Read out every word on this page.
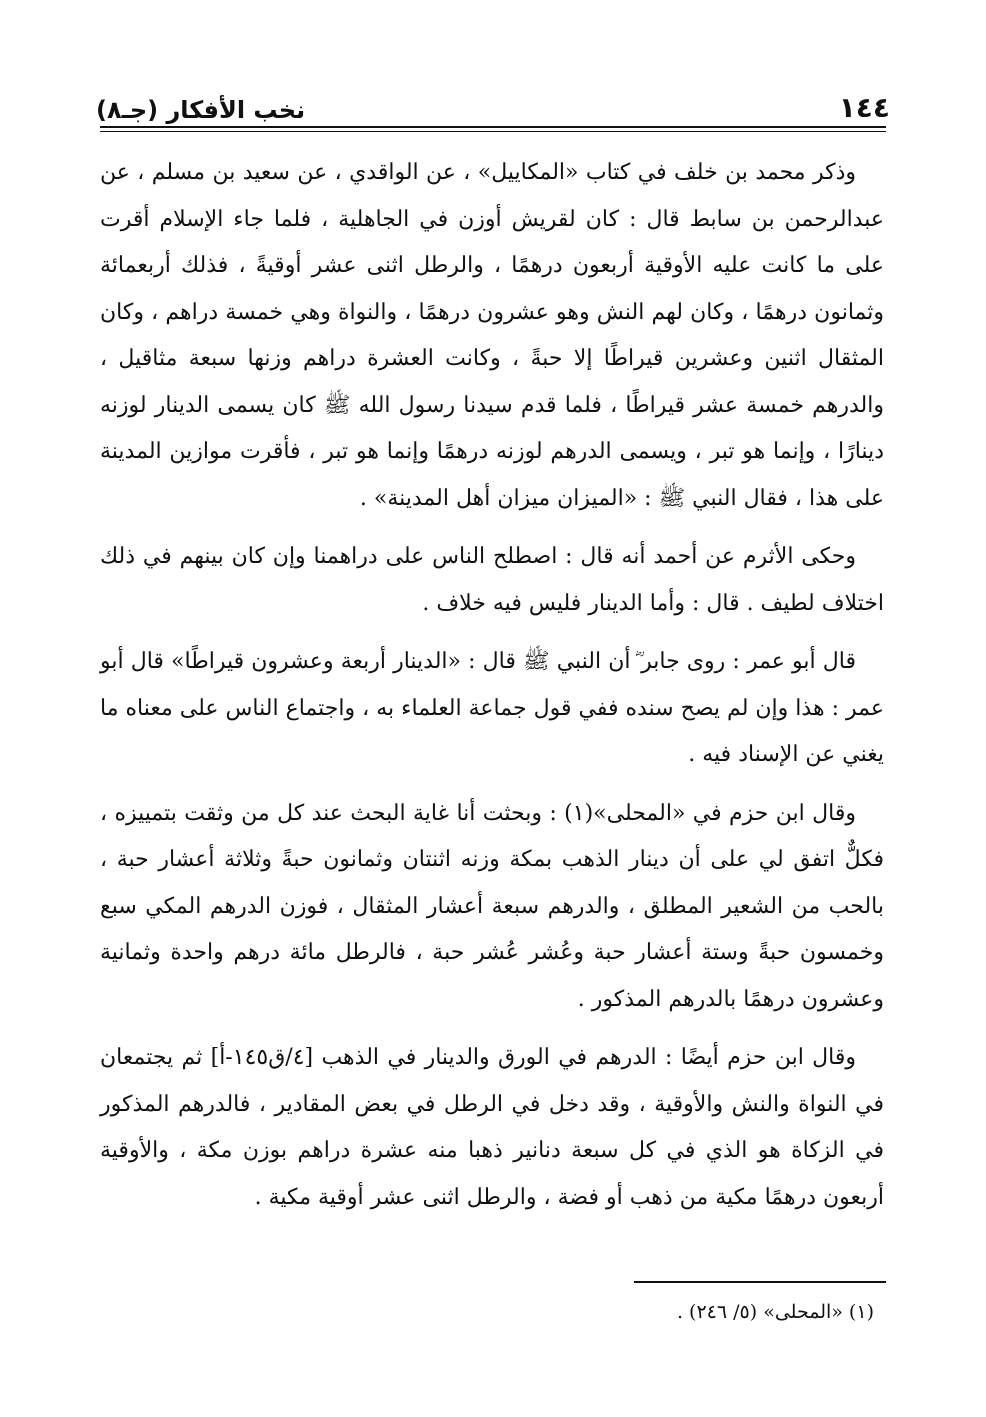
١٤٤
نخب الأفكار (جـ٨)

وذكر محمد بن خلف في كتاب «المكاييل» ، عن الواقدي ، عن سعيد بن مسلم ، عن عبدالرحمن بن سابط قال : كان لقريش أوزن في الجاهلية ، فلما جاء الإسلام أقرت على ما كانت عليه الأوقية أربعون درهمًا ، والرطل اثنى عشر أوقيةً ، فذلك أربعمائة وثمانون درهمًا ، وكان لهم النش وهو عشرون درهمًا ، والنواة وهي خمسة دراهم ، وكان المثقال اثنين وعشرين قيراطًا إلا حبةً ، وكانت العشرة دراهم وزنها سبعة مثاقيل ، والدرهم خمسة عشر قيراطًا ، فلما قدم سيدنا رسول الله ﷺ كان يسمى الدينار لوزنه دينارًا ، وإنما هو تبر ، ويسمى الدرهم لوزنه درهمًا وإنما هو تبر ، فأقرت موازين المدينة على هذا ، فقال النبي ﷺ : «الميزان ميزان أهل المدينة» .

وحكى الأثرم عن أحمد أنه قال : اصطلح الناس على دراهمنا وإن كان بينهم في ذلك اختلاف لطيف . قال : وأما الدينار فليس فيه خلاف .

قال أبو عمر : روى جابر ؓ أن النبي ﷺ قال : «الدينار أربعة وعشرون قيراطًا» قال أبو عمر : هذا وإن لم يصح سنده ففي قول جماعة العلماء به ، واجتماع الناس على معناه ما يغني عن الإسناد فيه .

وقال ابن حزم في «المحلى»(١) : وبحثت أنا غاية البحث عند كل من وثقت بتمييزه ، فكلٌّ اتفق لي على أن دينار الذهب بمكة وزنه اثنتان وثمانون حبةً وثلاثة أعشار حبة ، بالحب من الشعير المطلق ، والدرهم سبعة أعشار المثقال ، فوزن الدرهم المكي سبع وخمسون حبةً وستة أعشار حبة وعُشر عُشر حبة ، فالرطل مائة درهم واحدة وثمانية وعشرون درهمًا بالدرهم المذكور .

وقال ابن حزم أيضًا : الدرهم في الورق والدينار في الذهب [٤/ق١٤٥-أ] ثم يجتمعان في النواة والنش والأوقية ، وقد دخل في الرطل في بعض المقادير ، فالدرهم المذكور في الزكاة هو الذي في كل سبعة دنانير ذهبا منه عشرة دراهم بوزن مكة ، والأوقية أربعون درهمًا مكية من ذهب أو فضة ، والرطل اثنى عشر أوقية مكية .

(١) «المحلى» (٥/ ٢٤٦) .
